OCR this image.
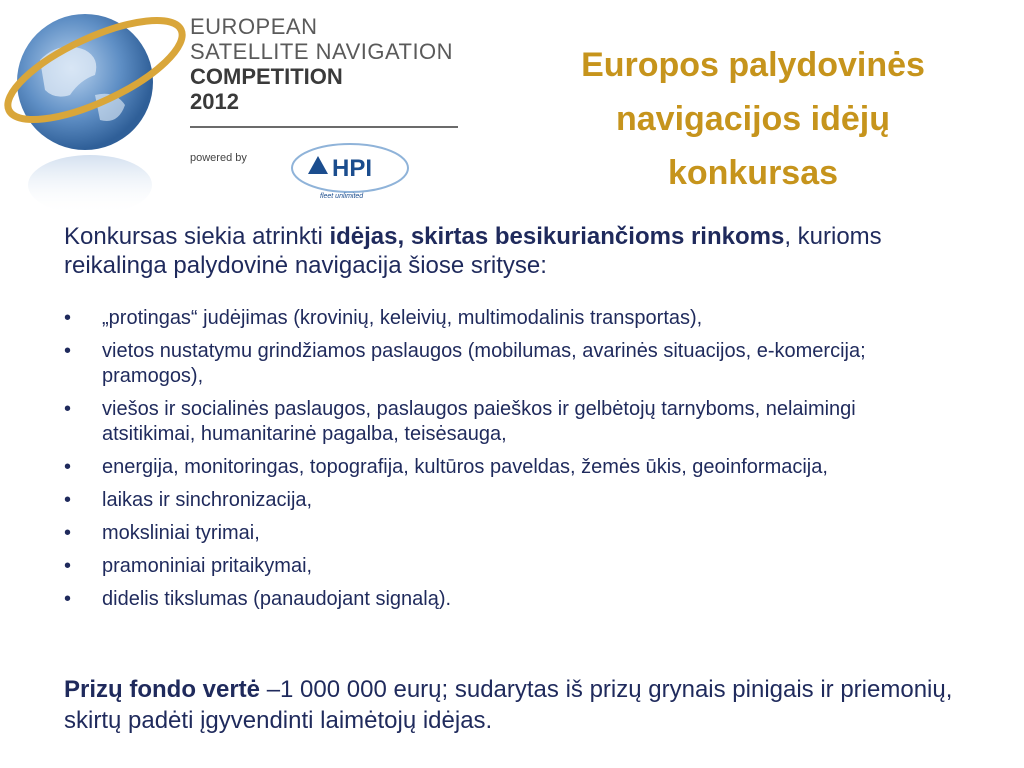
EUROPEAN
SATELLITE NAVIGATION
COMPETITION
2012
powered by	HPI
fleet unlimited
Europos palydovinės
navigacijos idėjų
konkursas

Konkursas siekia atrinkti idėjas, skirtas besikuriančioms rinkoms, kurioms reikalinga palydovinė navigacija šiose srityse:

•	„protingas“ judėjimas (krovinių, keleivių, multimodalinis transportas),
•	vietos nustatymu grindžiamos paslaugos (mobilumas, avarinės situacijos, e-komercija; pramogos),
•	viešos ir socialinės paslaugos, paslaugos paieškos ir gelbėtojų tarnyboms, nelaimingi atsitikimai, humanitarinė pagalba, teisėsauga,
•	energija, monitoringas, topografija, kultūros paveldas, žemės ūkis, geoinformacija,
•	laikas ir sinchronizacija,
•	moksliniai tyrimai,
•	pramoniniai pritaikymai,
•	didelis tikslumas (panaudojant signalą).

Prizų fondo vertė –1 000 000 eurų; sudarytas iš prizų grynais pinigais ir priemonių, skirtų padėti įgyvendinti laimėtojų idėjas.
